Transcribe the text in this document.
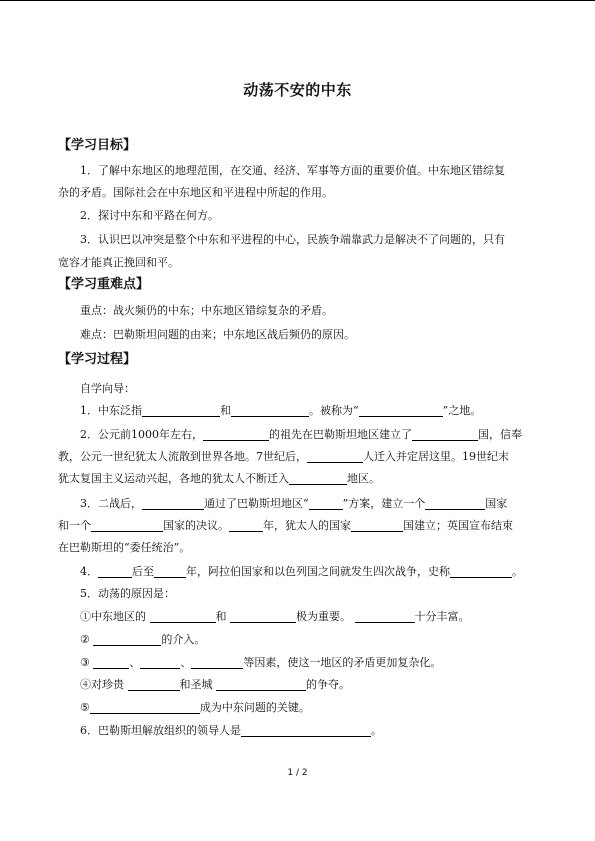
动荡不安的中东
【学习目标】
1．了解中东地区的地理范围，在交通、经济、军事等方面的重要价值。中东地区错综复
杂的矛盾。国际社会在中东地区和平进程中所起的作用。
2．探讨中东和平路在何方。
3．认识巴以冲突是整个中东和平进程的中心，民族争端靠武力是解决不了问题的，只有
宽容才能真正挽回和平。
【学习重难点】
重点：战火频仍的中东；中东地区错综复杂的矛盾。
难点：巴勒斯坦问题的由来；中东地区战后频仍的原因。
【学习过程】
自学向导：
1．中东泛指	和	。被称为“	”之地。
2．公元前1000年左右，	的祖先在巴勒斯坦地区建立了	国，信奉
教，公元一世纪犹太人流散到世界各地。7世纪后，	人迁入并定居这里。19世纪末
犹太复国主义运动兴起，各地的犹太人不断迁入	地区。
3．二战后，	通过了巴勒斯坦地区“	”方案，建立一个	国家
和一个	国家的决议。	年，犹太人的国家	国建立；英国宣布结束
在巴勒斯坦的“委任统治”。
4．	后至	年，阿拉伯国家和以色列国之间就发生四次战争，史称	。
5．动荡的原因是：
①中东地区的	和	极为重要。	十分丰富。
②	的介入。
③	、	、	等因素，使这一地区的矛盾更加复杂化。
④对珍贵	和圣城	的争夺。
⑤	成为中东问题的关键。
6．巴勒斯坦解放组织的领导人是	。
1 / 2
